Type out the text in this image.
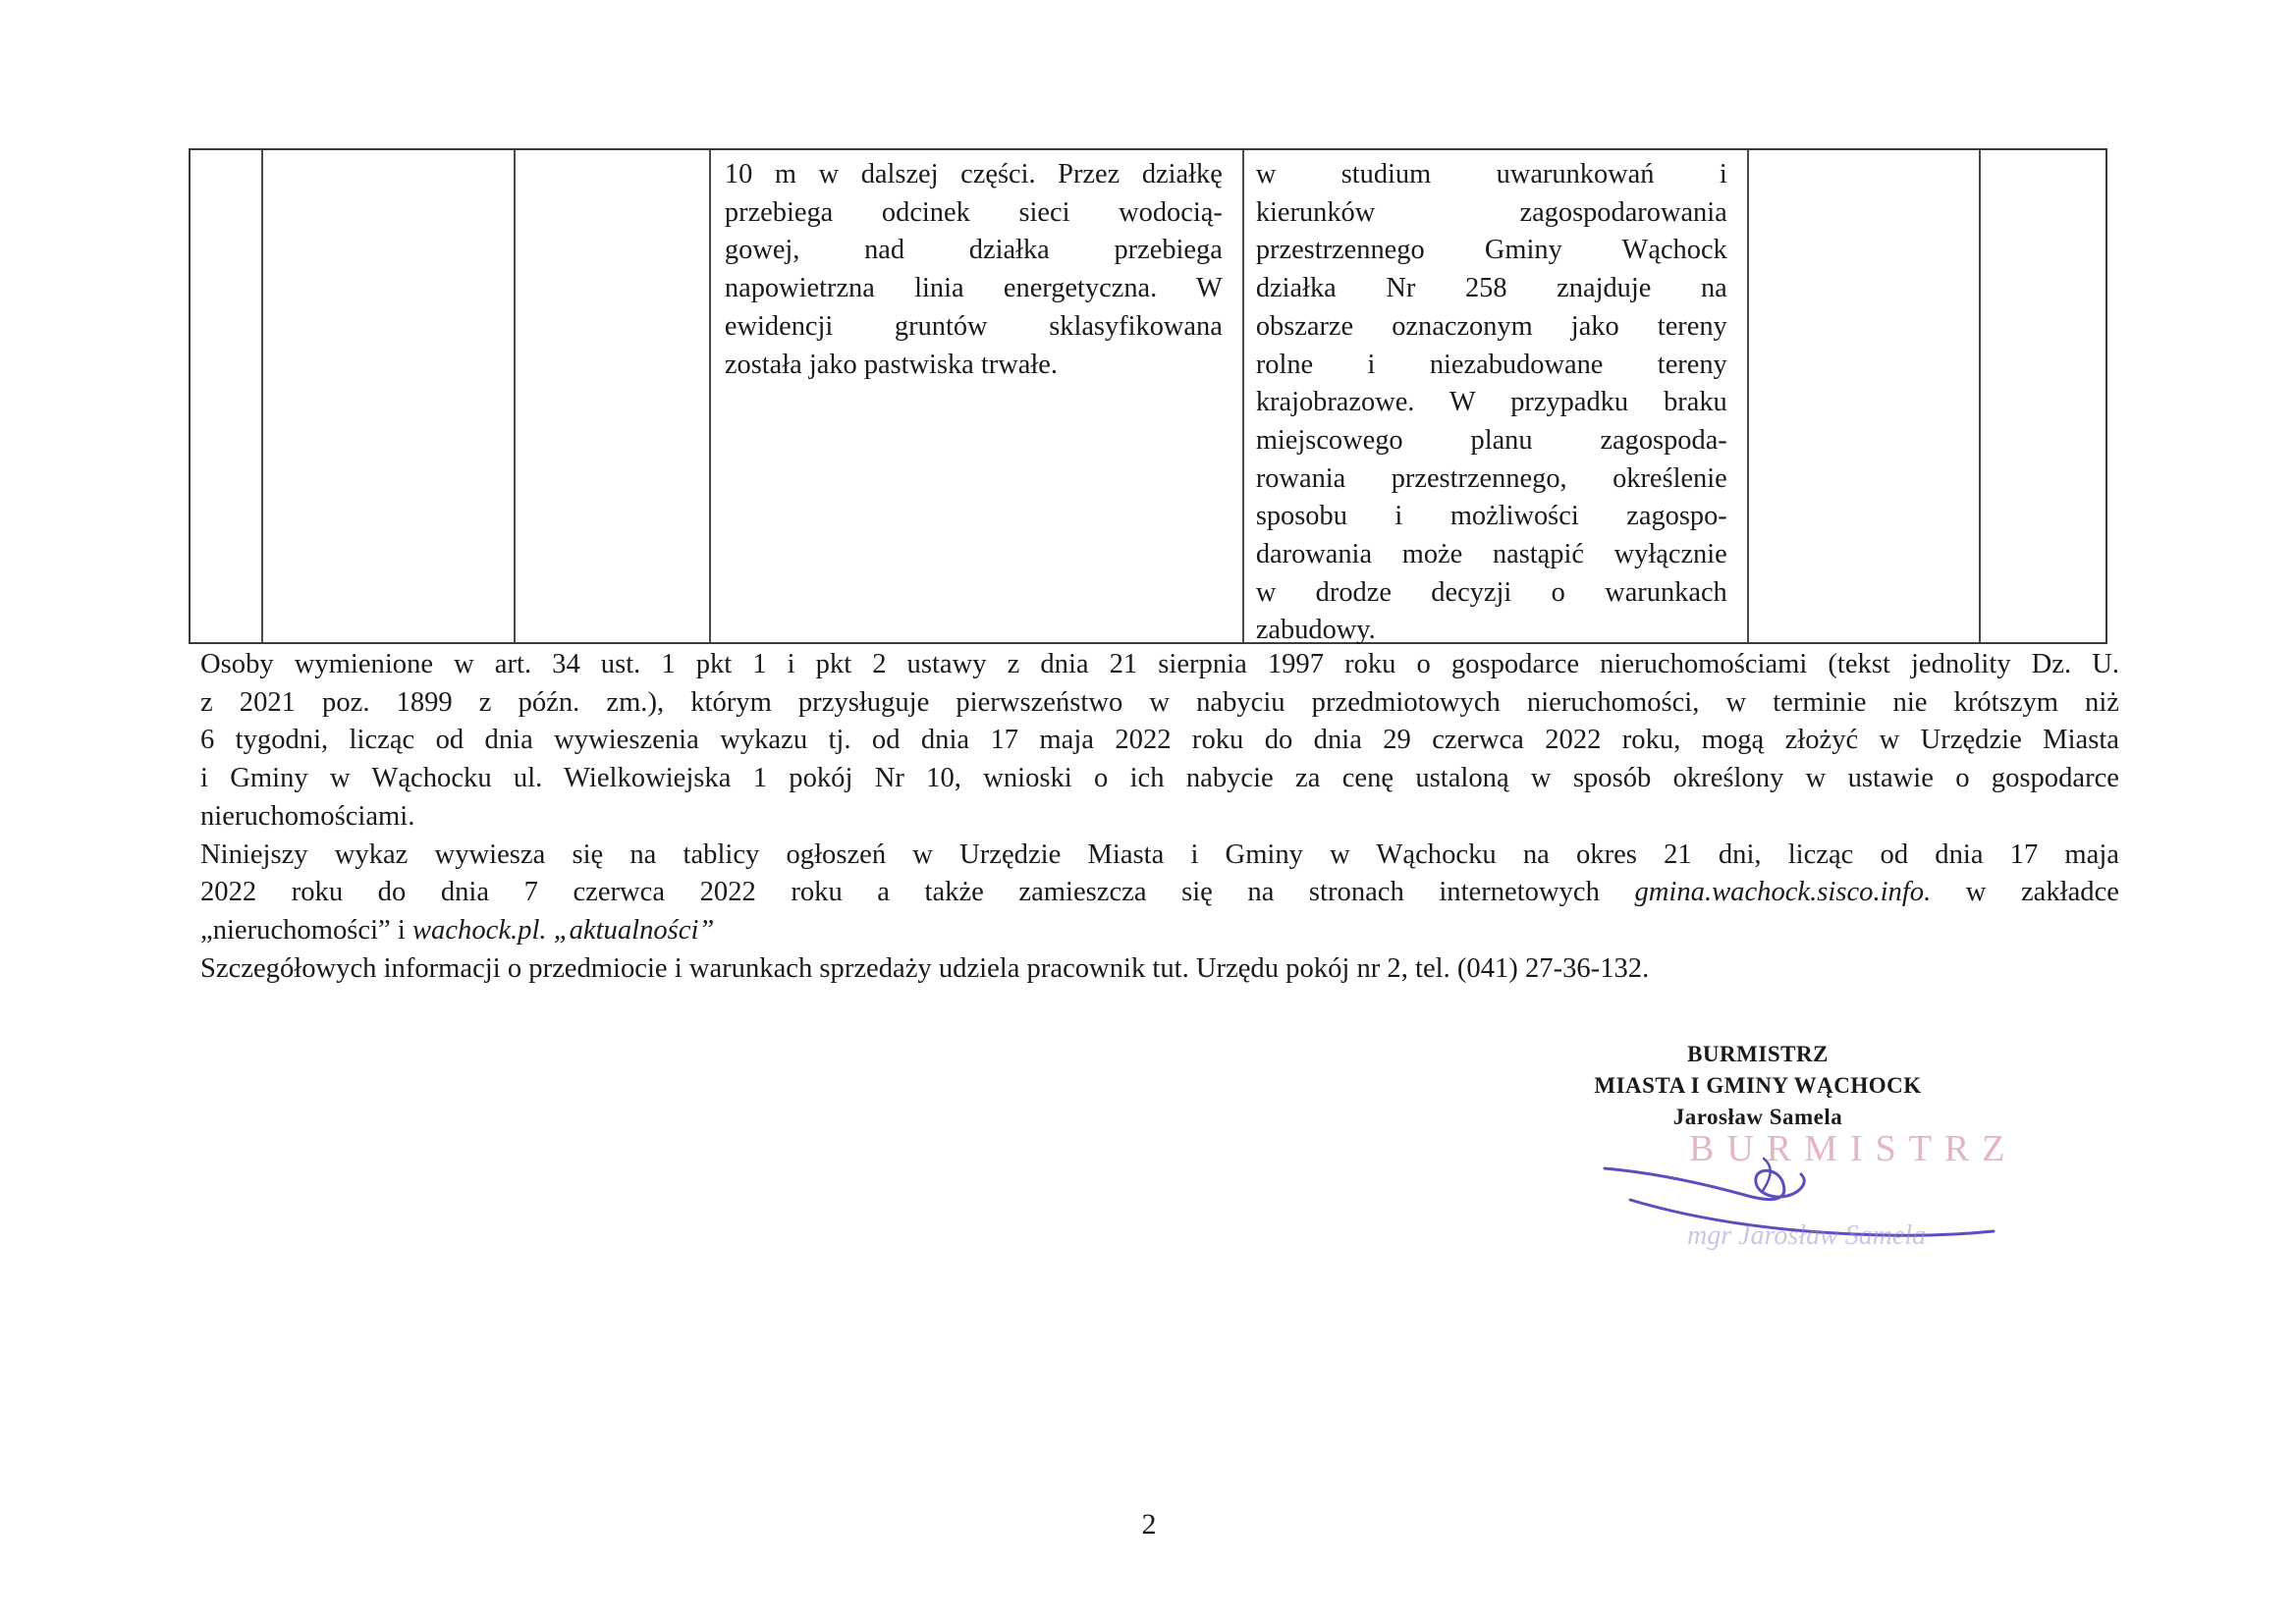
10 m w dalszej części. Przez działkę
przebiega odcinek sieci wodocią-
gowej, nad działka przebiega
napowietrzna linia energetyczna. W
ewidencji gruntów sklasyfikowana
została jako pastwiska trwałe.
w studium uwarunkowań i
kierunków zagospodarowania
przestrzennego Gminy Wąchock
działka Nr 258 znajduje na
obszarze oznaczonym jako tereny
rolne i niezabudowane tereny
krajobrazowe. W przypadku braku
miejscowego planu zagospoda-
rowania przestrzennego, określenie
sposobu i możliwości zagospo-
darowania może nastąpić wyłącznie
w drodze decyzji o warunkach
zabudowy.
Osoby wymienione w art. 34 ust. 1 pkt 1 i pkt 2 ustawy z dnia 21 sierpnia 1997 roku o gospodarce nieruchomościami (tekst jednolity Dz. U.
z 2021 poz. 1899 z późn. zm.), którym przysługuje pierwszeństwo w nabyciu przedmiotowych nieruchomości, w terminie nie krótszym niż
6 tygodni, licząc od dnia wywieszenia wykazu tj. od dnia 17 maja 2022 roku do dnia 29 czerwca 2022 roku, mogą złożyć w Urzędzie Miasta
i Gminy w Wąchocku ul. Wielkowiejska 1 pokój Nr 10, wnioski o ich nabycie za cenę ustaloną w sposób określony w ustawie o gospodarce
nieruchomościami.
Niniejszy wykaz wywiesza się na tablicy ogłoszeń w Urzędzie Miasta i Gminy w Wąchocku na okres 21 dni, licząc od dnia 17 maja
2022 roku do dnia 7 czerwca 2022 roku a także zamieszcza się na stronach internetowych gmina.wachock.sisco.info. w zakładce
„nieruchomości” i wachock.pl. „aktualności”
Szczegółowych informacji o przedmiocie i warunkach sprzedaży udziela pracownik tut. Urzędu pokój nr 2, tel. (041) 27-36-132.
BURMISTRZ
MIASTA I GMINY WĄCHOCK
Jarosław Samela
BURMISTRZ
mgr Jarosław Samela
2
